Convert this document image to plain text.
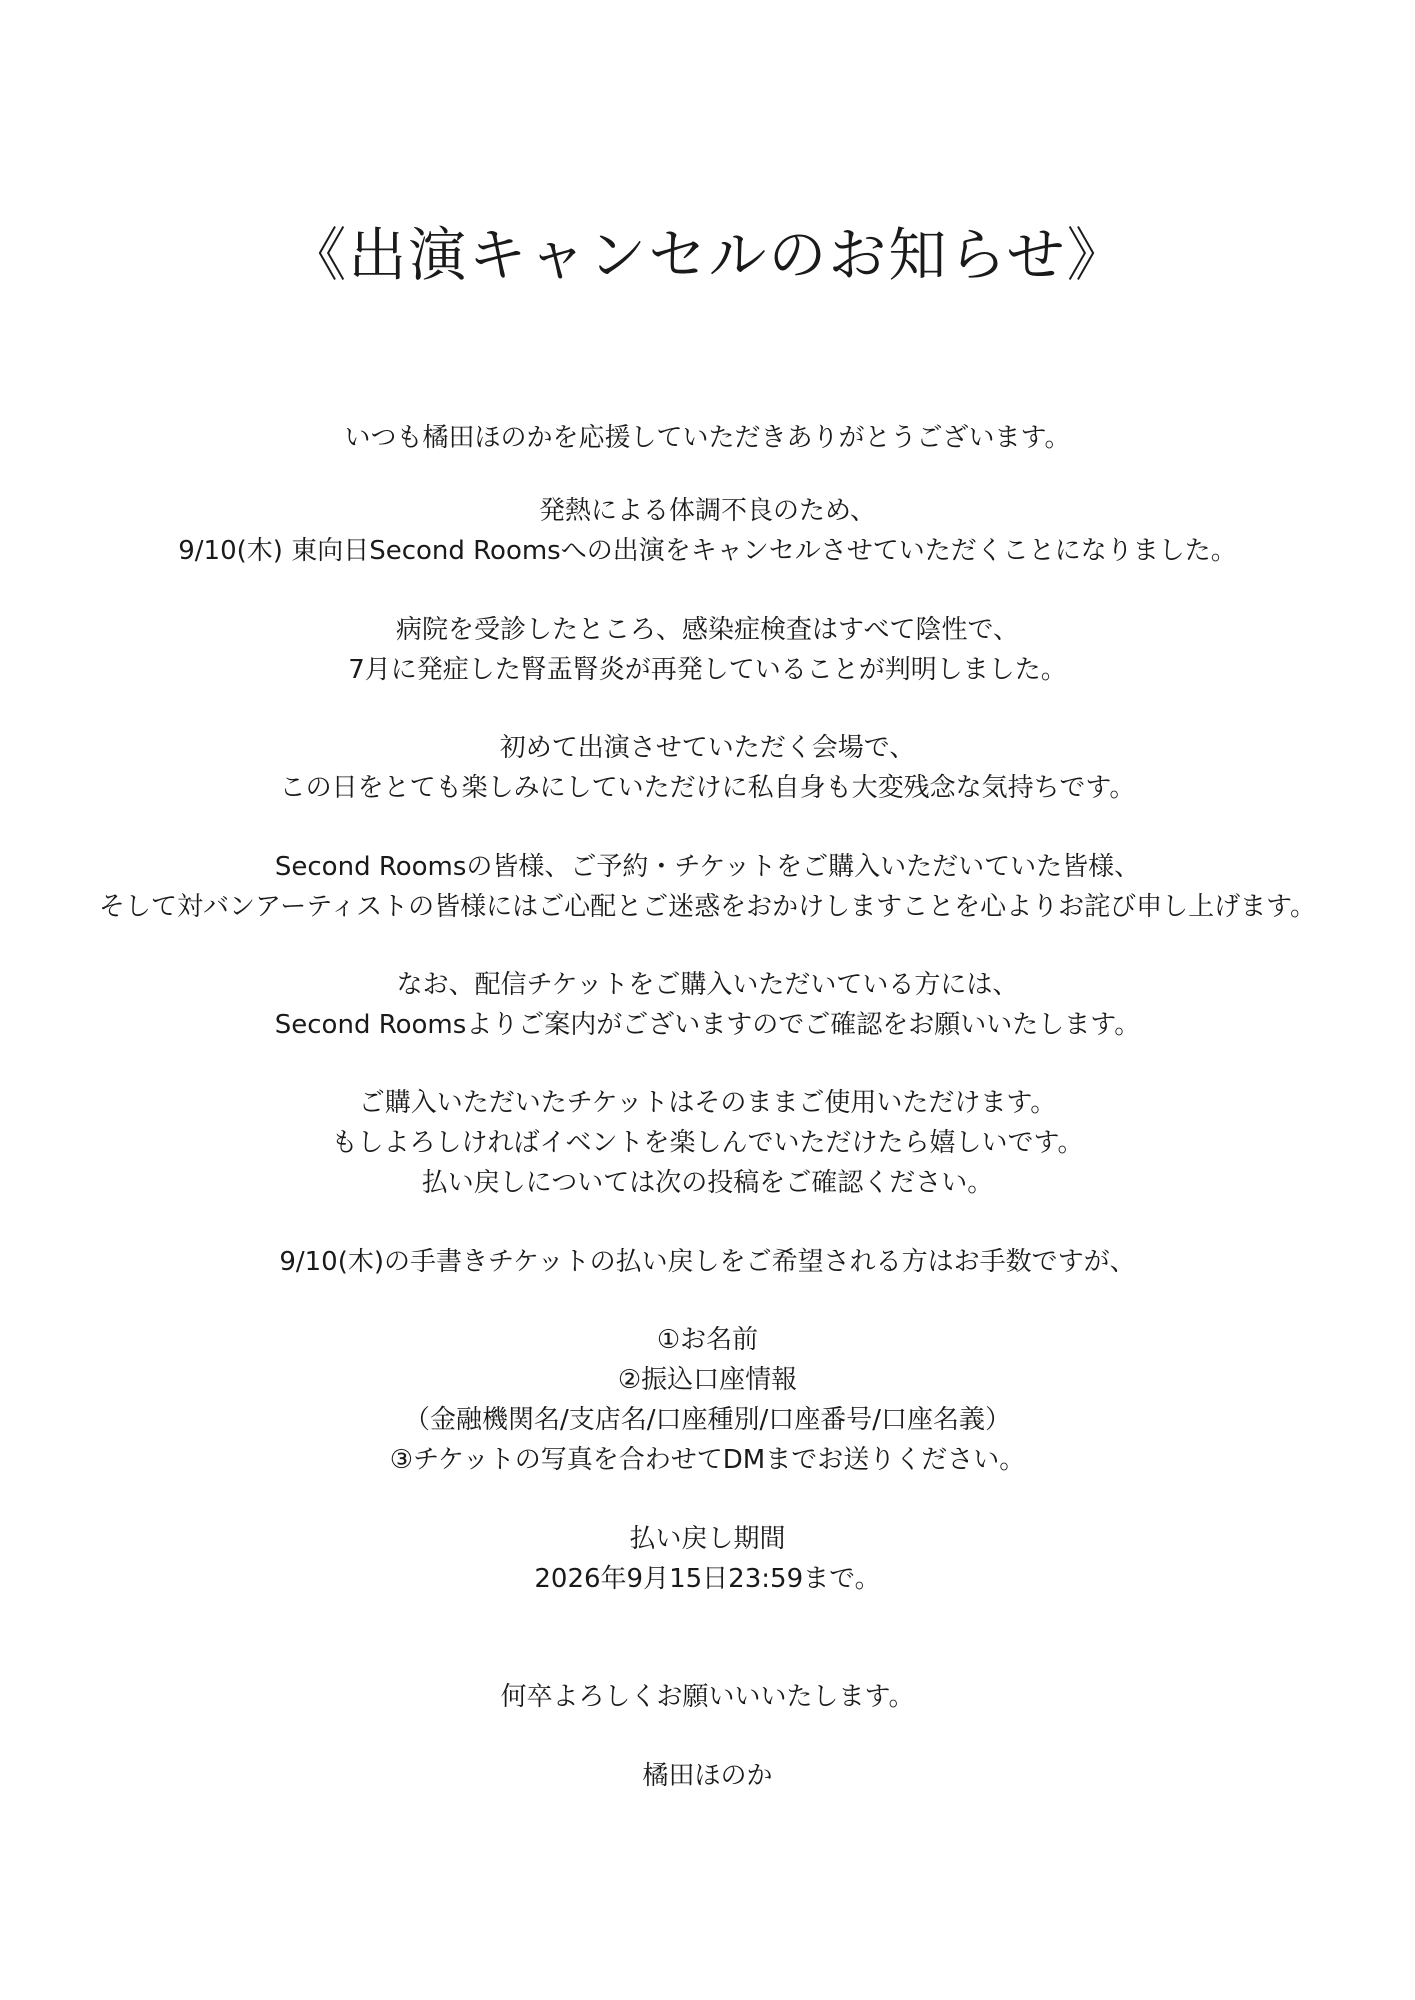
《出演キャンセルのお知らせ》
いつも橘田ほのかを応援していただきありがとうございます。
発熱による体調不良のため、
9/10(木) 東向日Second Roomsへの出演をキャンセルさせていただくことになりました。
病院を受診したところ、感染症検査はすべて陰性で、
7月に発症した腎盂腎炎が再発していることが判明しました。
初めて出演させていただく会場で、
この日をとても楽しみにしていただけに私自身も大変残念な気持ちです。
Second Roomsの皆様、ご予約・チケットをご購入いただいていた皆様、
そして対バンアーティストの皆様にはご心配とご迷惑をおかけしますことを心よりお詫び申し上げます。
なお、配信チケットをご購入いただいている方には、
Second Roomsよりご案内がございますのでご確認をお願いいたします。
ご購入いただいたチケットはそのままご使用いただけます。
もしよろしければイベントを楽しんでいただけたら嬉しいです。
払い戻しについては次の投稿をご確認ください。
9/10(木)の手書きチケットの払い戻しをご希望される方はお手数ですが、
①お名前
②振込口座情報
（金融機関名/支店名/口座種別/口座番号/口座名義）
③チケットの写真を合わせてDMまでお送りください。
払い戻し期間
2026年9月15日23:59まで。
何卒よろしくお願いいいたします。
橘田ほのか
